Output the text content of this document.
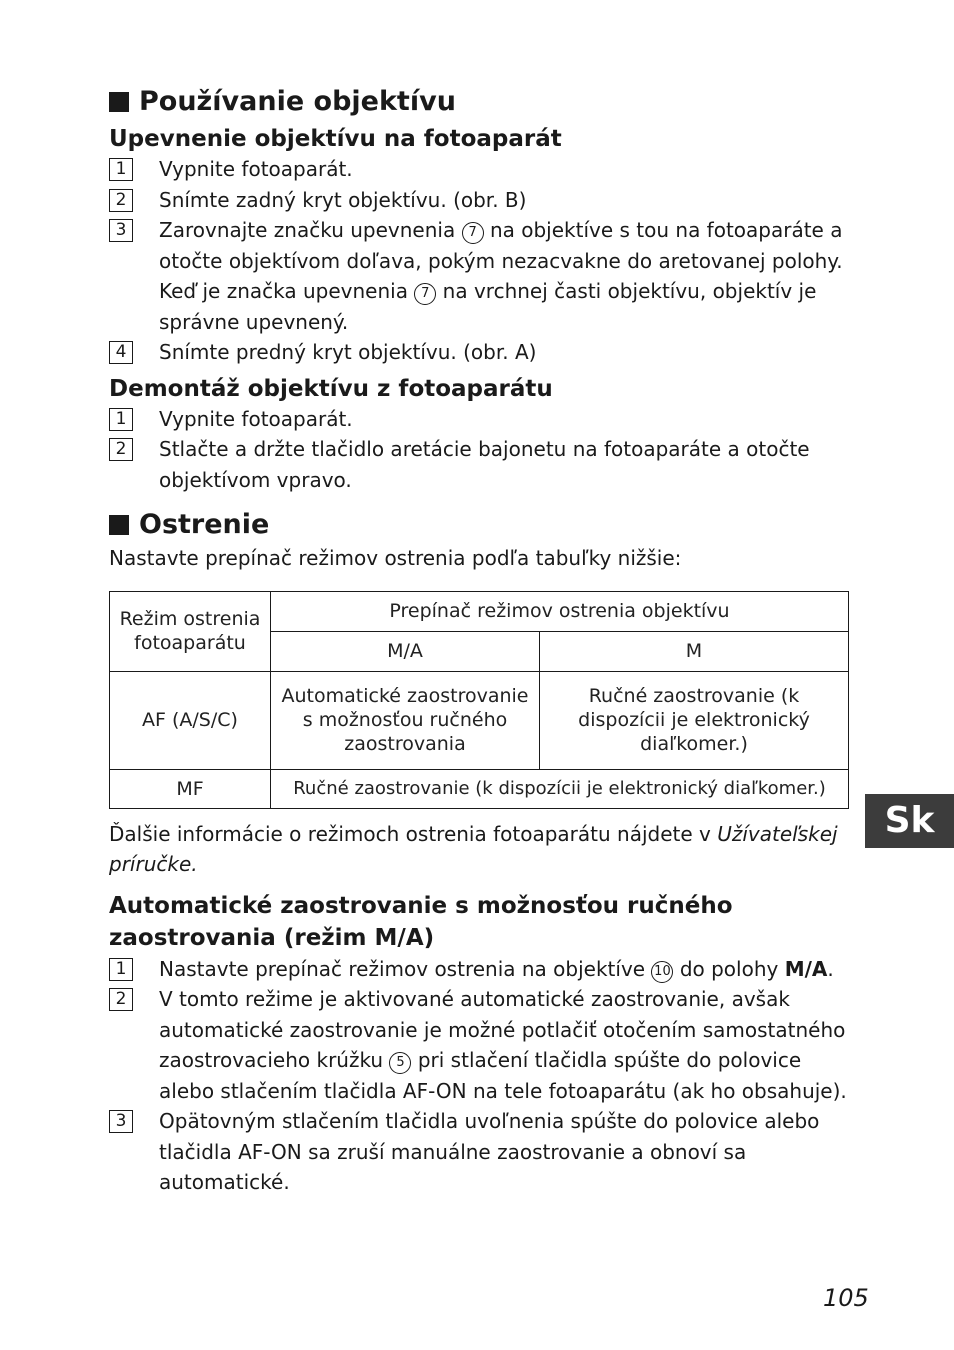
Používanie objektívu
Upevnenie objektívu na fotoaparát
1	Vypnite fotoaparát.
2	Snímte zadný kryt objektívu. (obr. B)
3	Zarovnajte značku upevnenia 7 na objektíve s tou na fotoaparáte a otočte objektívom doľava, pokým nezacvakne do aretovanej polohy. Keď je značka upevnenia 7 na vrchnej časti objektívu, objektív je správne upevnený.
4	Snímte predný kryt objektívu. (obr. A)
Demontáž objektívu z fotoaparátu
1	Vypnite fotoaparát.
2	Stlačte a držte tlačidlo aretácie bajonetu na fotoaparáte a otočte objektívom vpravo.
Ostrenie

Nastavte prepínač režimov ostrenia podľa tabuľky nižšie:

Režim ostrenia fotoaparátu	Prepínač režimov ostrenia objektívu	
	M/A	M
AF (A/S/C)	Automatické zaostrovanie s možnosťou ručného zaostrovania	Ručné zaostrovanie (k dispozícii je elektronický diaľkomer.)
MF	Ručné zaostrovanie (k dispozícii je elektronický diaľkomer.)	

Ďalšie informácie o režimoch ostrenia fotoaparátu nájdete v Užívateľskej príručke.

Automatické zaostrovanie s možnosťou ručného zaostrovania (režim M/A)
1	Nastavte prepínač režimov ostrenia na objektíve 10 do polohy M/A.
2	V tomto režime je aktivované automatické zaostrovanie, avšak automatické zaostrovanie je možné potlačiť otočením samostatného zaostrovacieho krúžku 5 pri stlačení tlačidla spúšte do polovice alebo stlačením tlačidla AF-ON na tele fotoaparátu (ak ho obsahuje).
3	Opätovným stlačením tlačidla uvoľnenia spúšte do polovice alebo tlačidla AF-ON sa zruší manuálne zaostrovanie a obnoví sa automatické.
Sk
105
